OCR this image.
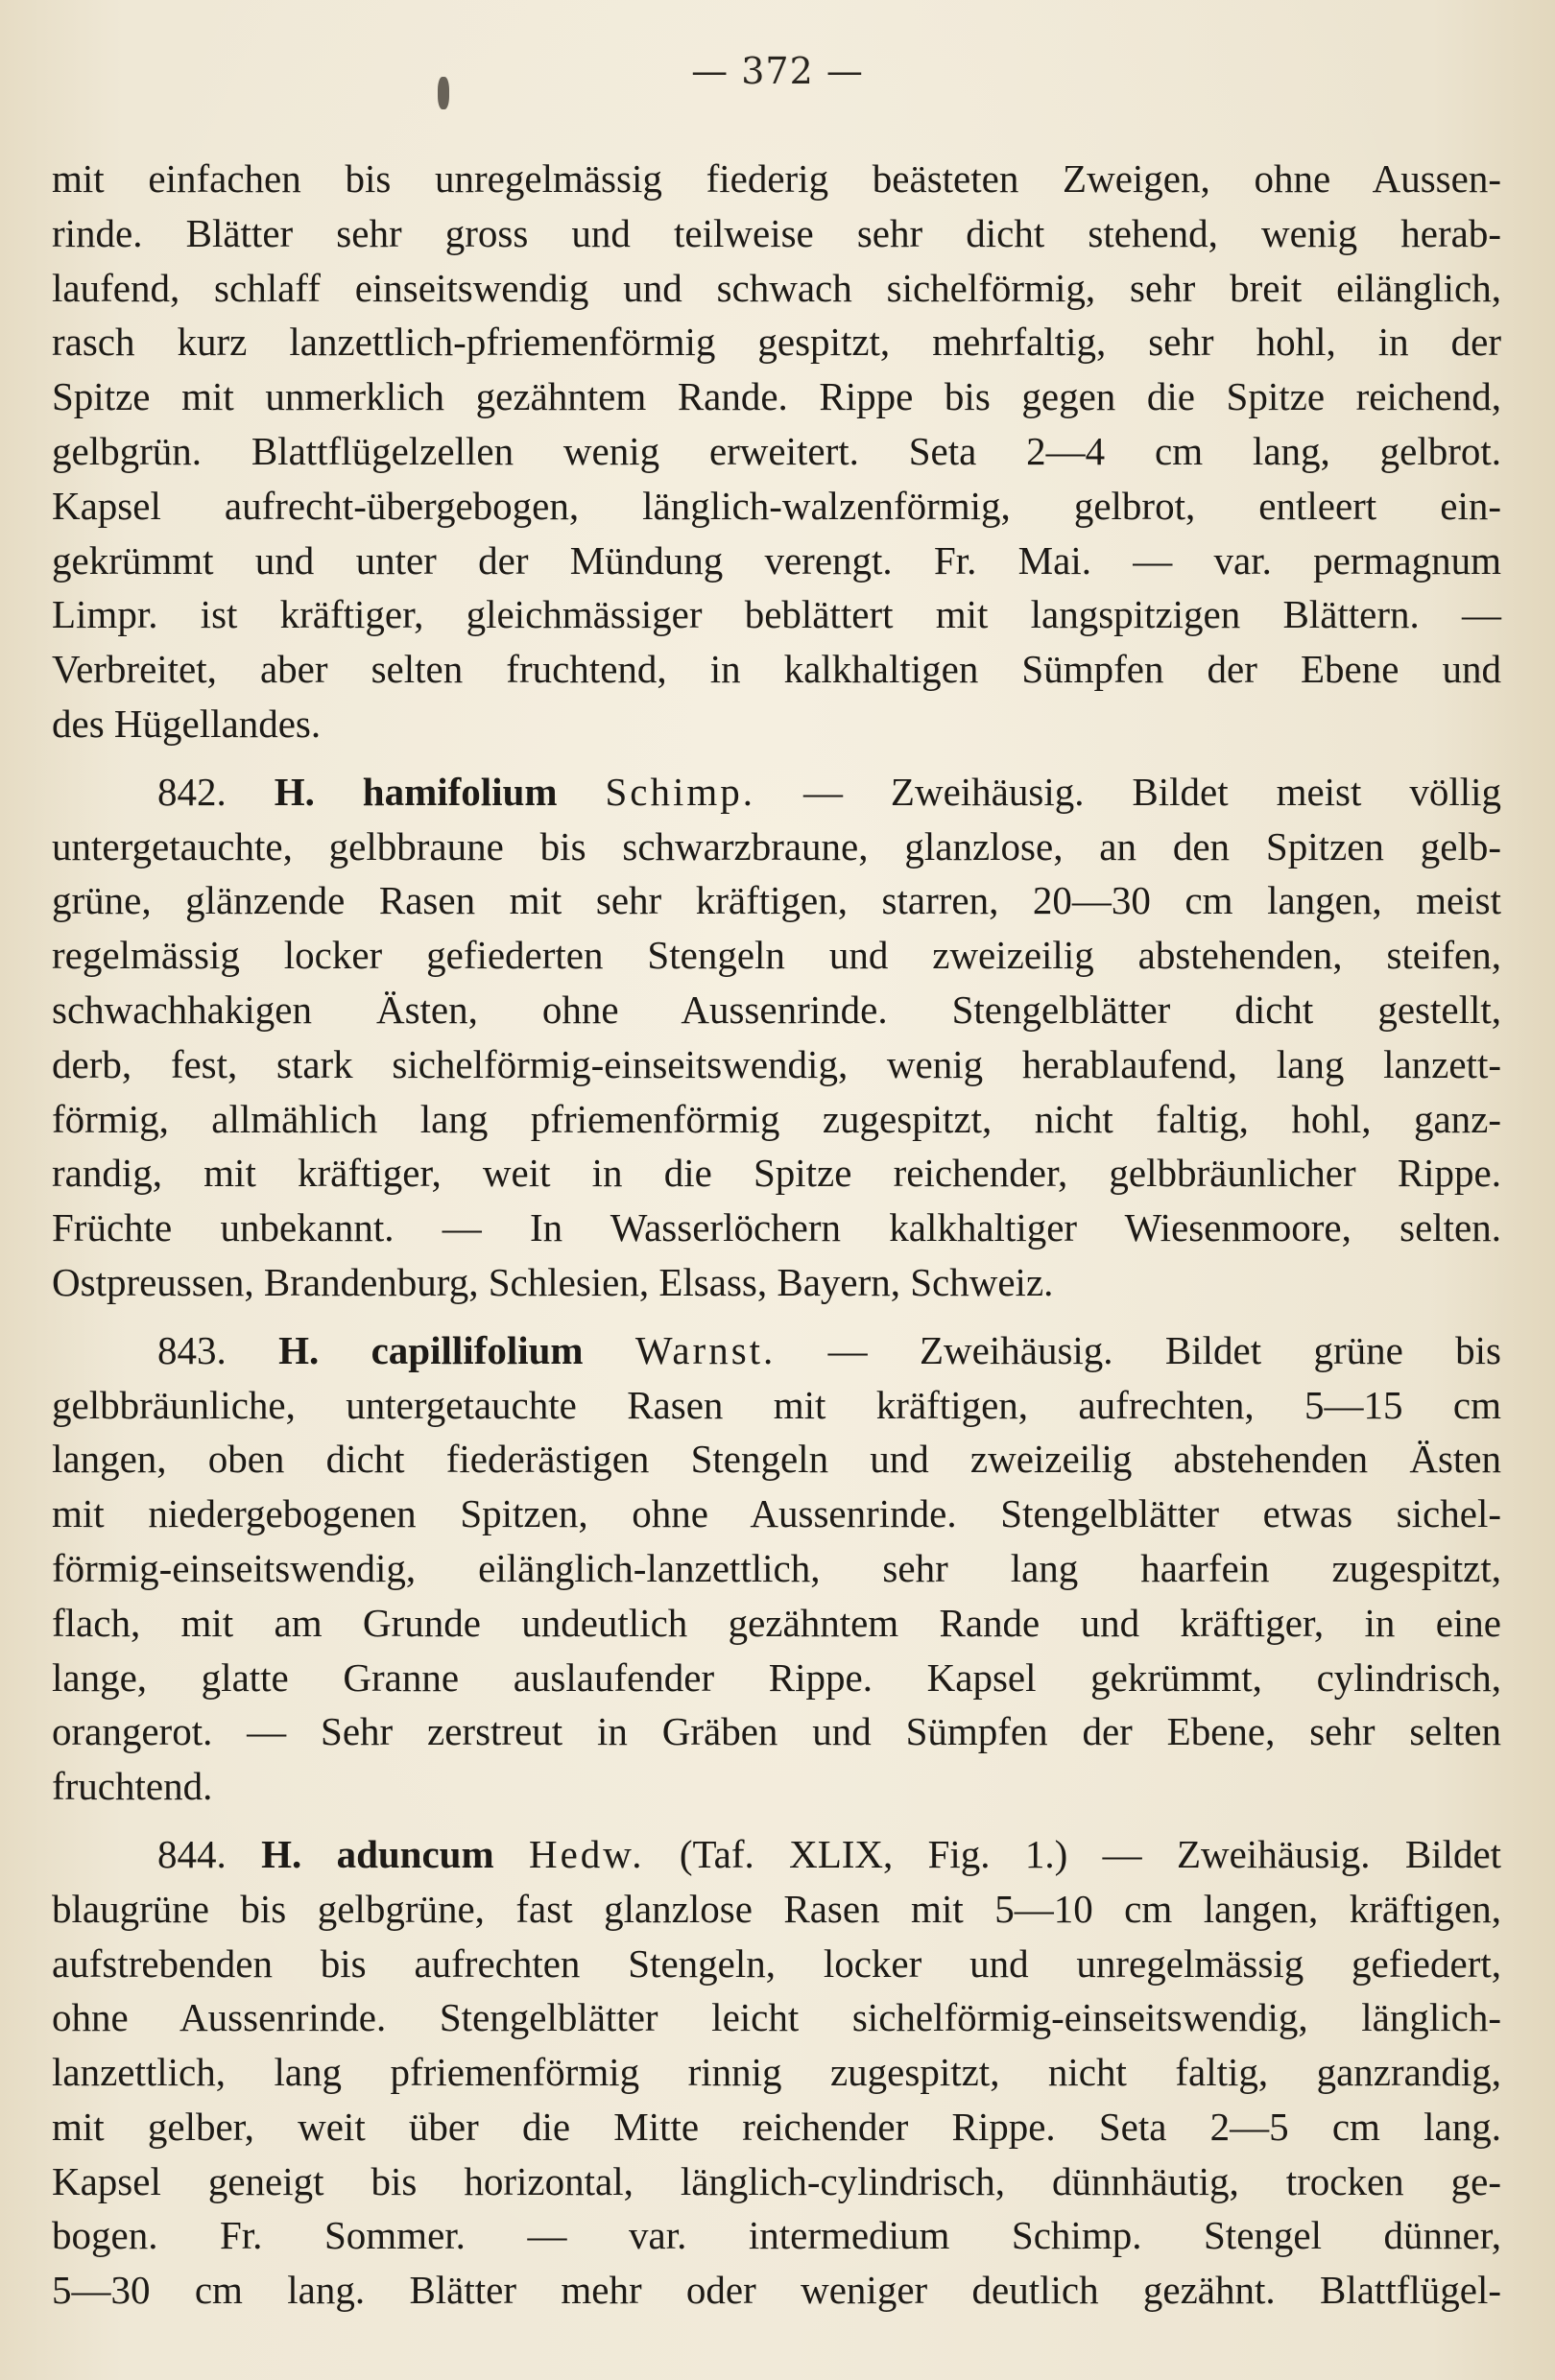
— 372 —
mit einfachen bis unregelmässig fiederig beästeten Zweigen, ohne Aussen-
rinde. Blätter sehr gross und teilweise sehr dicht stehend, wenig herab-
laufend, schlaff einseitswendig und schwach sichelförmig, sehr breit eilänglich,
rasch kurz lanzettlich-pfriemenförmig gespitzt, mehrfaltig, sehr hohl, in der
Spitze mit unmerklich gezähntem Rande. Rippe bis gegen die Spitze reichend,
gelbgrün. Blattflügelzellen wenig erweitert. Seta 2—4 cm lang, gelbrot.
Kapsel aufrecht-übergebogen, länglich-walzenförmig, gelbrot, entleert ein-
gekrümmt und unter der Mündung verengt. Fr. Mai. — var. permagnum
Limpr. ist kräftiger, gleichmässiger beblättert mit langspitzigen Blättern. —
Verbreitet, aber selten fruchtend, in kalkhaltigen Sümpfen der Ebene und
des Hügellandes.
842. H. hamifolium Schimp. — Zweihäusig. Bildet meist völlig
untergetauchte, gelbbraune bis schwarzbraune, glanzlose, an den Spitzen gelb-
grüne, glänzende Rasen mit sehr kräftigen, starren, 20—30 cm langen, meist
regelmässig locker gefiederten Stengeln und zweizeilig abstehenden, steifen,
schwachhakigen Ästen, ohne Aussenrinde. Stengelblätter dicht gestellt,
derb, fest, stark sichelförmig-einseitswendig, wenig herablaufend, lang lanzett-
förmig, allmählich lang pfriemenförmig zugespitzt, nicht faltig, hohl, ganz-
randig, mit kräftiger, weit in die Spitze reichender, gelbbräunlicher Rippe.
Früchte unbekannt. — In Wasserlöchern kalkhaltiger Wiesenmoore, selten.
Ostpreussen, Brandenburg, Schlesien, Elsass, Bayern, Schweiz.
843. H. capillifolium Warnst. — Zweihäusig. Bildet grüne bis
gelbbräunliche, untergetauchte Rasen mit kräftigen, aufrechten, 5—15 cm
langen, oben dicht fiederästigen Stengeln und zweizeilig abstehenden Ästen
mit niedergebogenen Spitzen, ohne Aussenrinde. Stengelblätter etwas sichel-
förmig-einseitswendig, eilänglich-lanzettlich, sehr lang haarfein zugespitzt,
flach, mit am Grunde undeutlich gezähntem Rande und kräftiger, in eine
lange, glatte Granne auslaufender Rippe. Kapsel gekrümmt, cylindrisch,
orangerot. — Sehr zerstreut in Gräben und Sümpfen der Ebene, sehr selten
fruchtend.
844. H. aduncum Hedw. (Taf. XLIX, Fig. 1.) — Zweihäusig. Bildet
blaugrüne bis gelbgrüne, fast glanzlose Rasen mit 5—10 cm langen, kräftigen,
aufstrebenden bis aufrechten Stengeln, locker und unregelmässig gefiedert,
ohne Aussenrinde. Stengelblätter leicht sichelförmig-einseitswendig, länglich-
lanzettlich, lang pfriemenförmig rinnig zugespitzt, nicht faltig, ganzrandig,
mit gelber, weit über die Mitte reichender Rippe. Seta 2—5 cm lang.
Kapsel geneigt bis horizontal, länglich-cylindrisch, dünnhäutig, trocken ge-
bogen. Fr. Sommer. — var. intermedium Schimp. Stengel dünner,
5—30 cm lang. Blätter mehr oder weniger deutlich gezähnt. Blattflügel-
